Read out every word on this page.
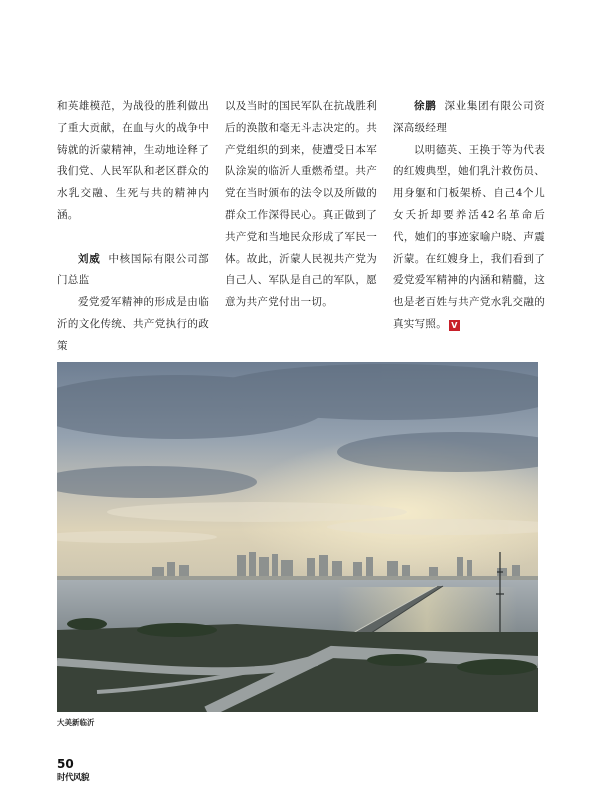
和英雄模范，为战役的胜利做出了重大贡献，在血与火的战争中铸就的沂蒙精神，生动地诠释了我们党、人民军队和老区群众的水乳交融、生死与共的精神内涵。

刘威 中核国际有限公司部门总监

爱党爱军精神的形成是由临沂的文化传统、共产党执行的政策

以及当时的国民军队在抗战胜利后的涣散和毫无斗志决定的。共产党组织的到来，使遭受日本军队涂炭的临沂人重燃希望。共产党在当时颁布的法令以及所做的群众工作深得民心。真正做到了共产党和当地民众形成了军民一体。故此，沂蒙人民视共产党为自己人、军队是自己的军队，愿意为共产党付出一切。

徐鹏 深业集团有限公司资深高级经理

以明德英、王换于等为代表的红嫂典型，她们乳汁救伤员、用身躯和门板架桥、自己4个儿女夭折却要养活42名革命后代，她们的事迹家喻户晓、声震沂蒙。在红嫂身上，我们看到了爱党爱军精神的内涵和精髓，这也是老百姓与共产党水乳交融的真实写照。 V

大美新临沂
50
时代风貌
